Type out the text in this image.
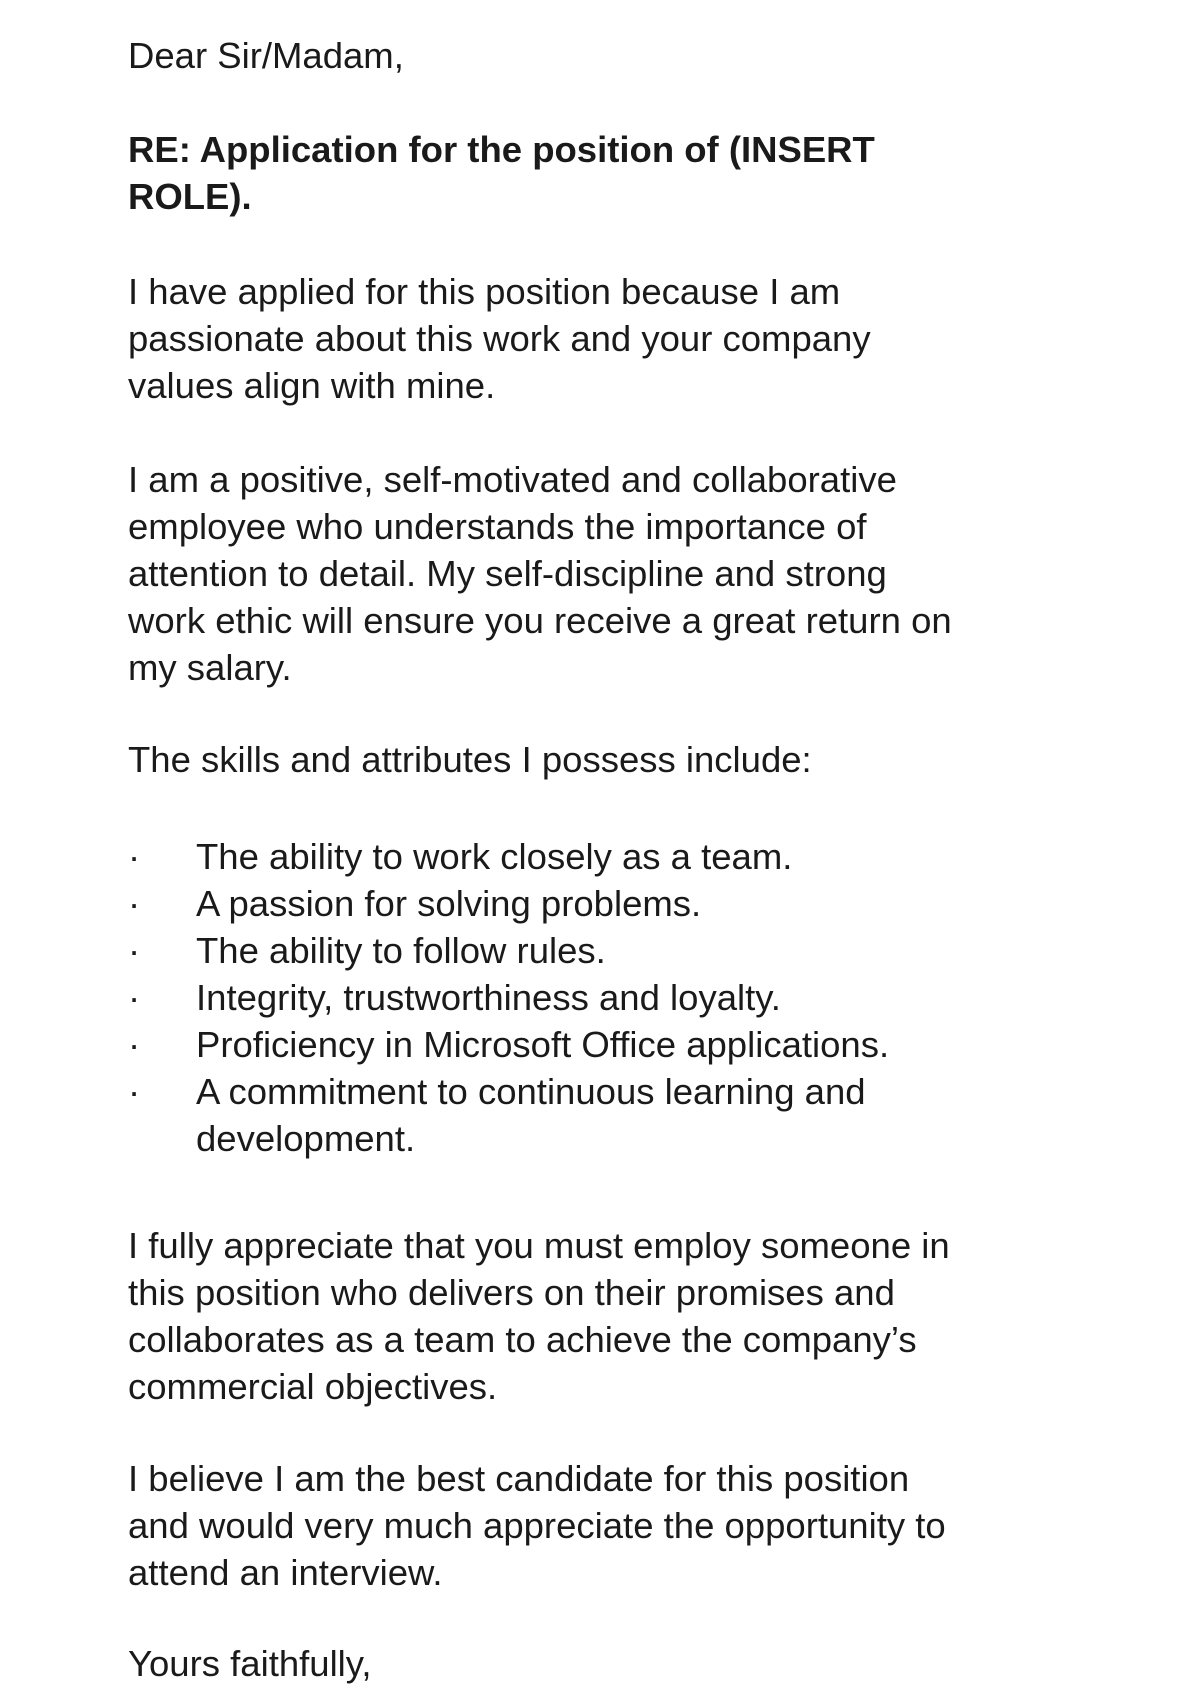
Dear Sir/Madam,

RE: Application for the position of (INSERT
ROLE).

I have applied for this position because I am
passionate about this work and your company
values align with mine.

I am a positive, self-motivated and collaborative
employee who understands the importance of
attention to detail. My self-discipline and strong
work ethic will ensure you receive a great return on
my salary.

The skills and attributes I possess include:

· The ability to work closely as a team.
· A passion for solving problems.
· The ability to follow rules.
· Integrity, trustworthiness and loyalty.
· Proficiency in Microsoft Office applications.
· A commitment to continuous learning and
development.

I fully appreciate that you must employ someone in
this position who delivers on their promises and
collaborates as a team to achieve the company’s
commercial objectives.

I believe I am the best candidate for this position
and would very much appreciate the opportunity to
attend an interview.

Yours faithfully,
